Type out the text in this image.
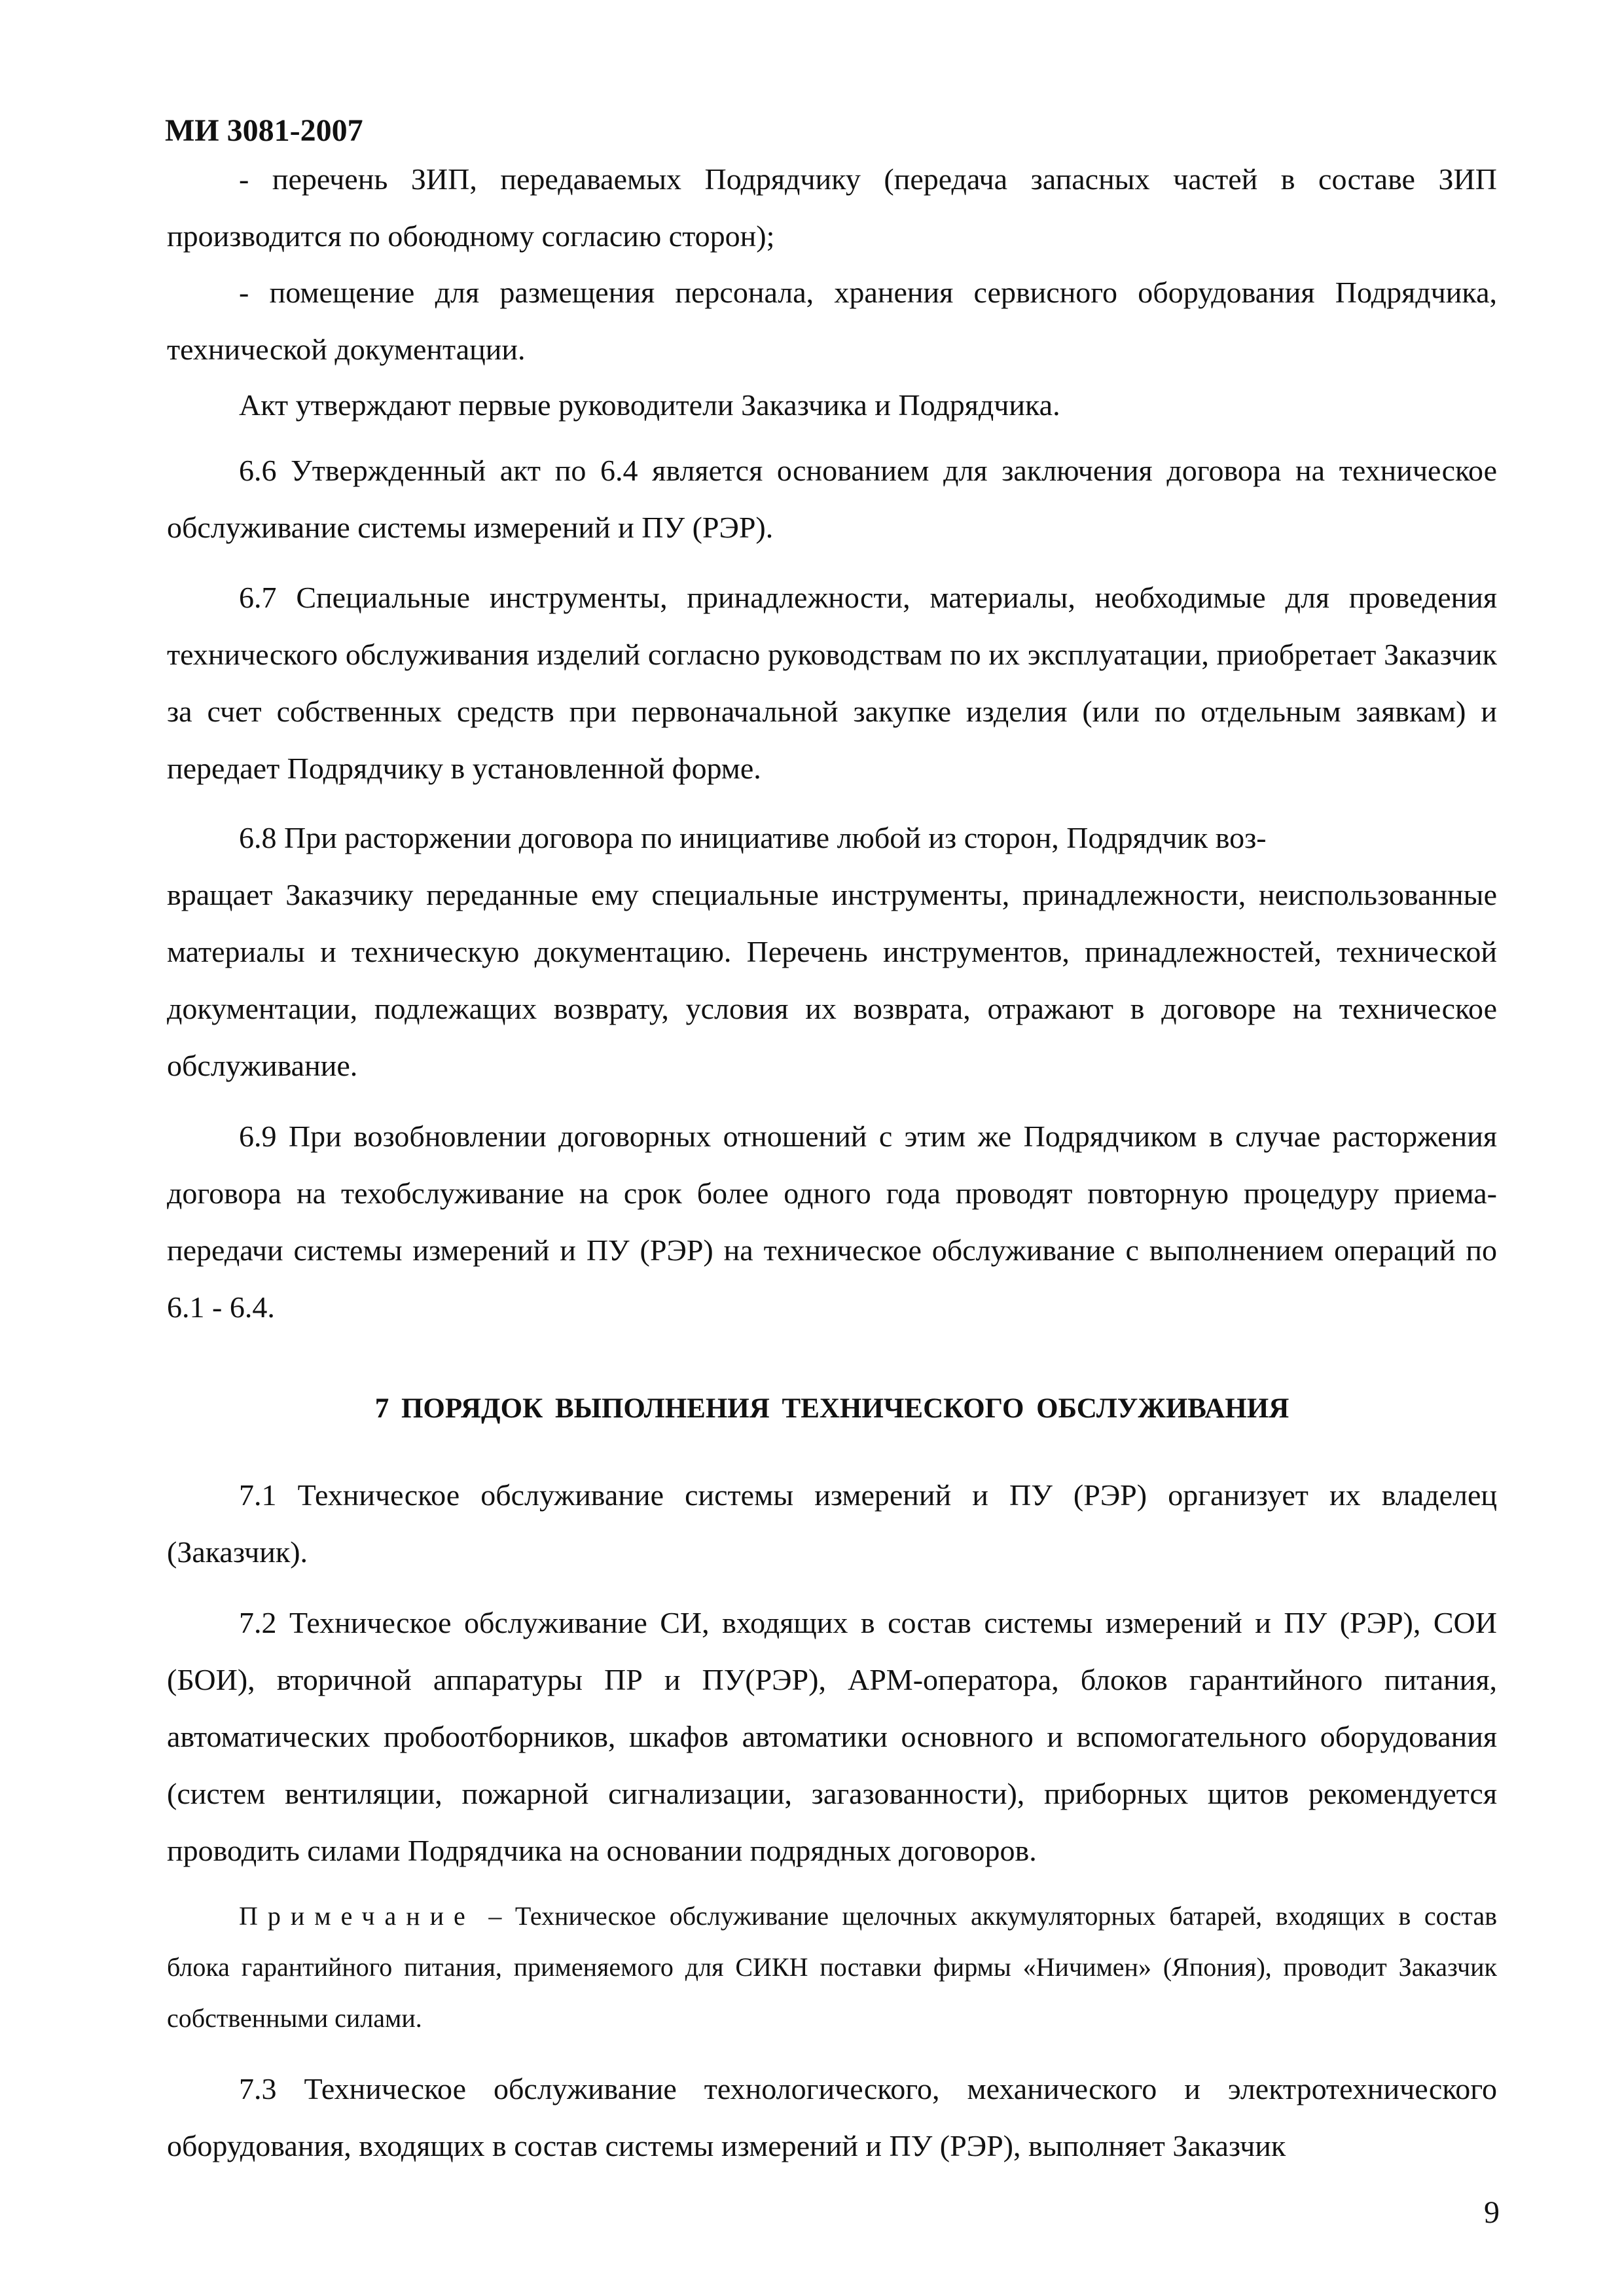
МИ 3081-2007
- перечень ЗИП, передаваемых Подрядчику (передача запасных частей в составе ЗИП производится по обоюдному согласию сторон);
- помещение для размещения персонала, хранения сервисного оборудования Подрядчика, технической документации.
Акт утверждают первые руководители Заказчика и Подрядчика.
6.6 Утвержденный акт по 6.4 является основанием для заключения договора на техническое обслуживание системы измерений и ПУ (РЭР).
6.7 Специальные инструменты, принадлежности, материалы, необходимые для проведения технического обслуживания изделий согласно руководствам по их эксплуатации, приобретает Заказчик за счет собственных средств при первоначальной закупке изделия (или по отдельным заявкам) и передает Подрядчику в установленной форме.
6.8 При расторжении договора по инициативе любой из сторон, Подрядчик воз-
вращает Заказчику переданные ему специальные инструменты, принадлежности, неиспользованные материалы и техническую документацию. Перечень инструментов, принадлежностей, технической документации, подлежащих возврату, условия их возврата, отражают в договоре на техническое обслуживание.
6.9 При возобновлении договорных отношений с этим же Подрядчиком в случае расторжения договора на техобслуживание на срок более одного года проводят повторную процедуру приема-передачи системы измерений и ПУ (РЭР) на техническое обслуживание с выполнением операций по 6.1 - 6.4.
7 ПОРЯДОК ВЫПОЛНЕНИЯ ТЕХНИЧЕСКОГО ОБСЛУЖИВАНИЯ
7.1 Техническое обслуживание системы измерений и ПУ (РЭР) организует их владелец (Заказчик).
7.2 Техническое обслуживание СИ, входящих в состав системы измерений и ПУ (РЭР), СОИ (БОИ), вторичной аппаратуры ПР и ПУ(РЭР), АРМ-оператора, блоков гарантийного питания, автоматических пробоотборников, шкафов автоматики основного и вспомогательного оборудования (систем вентиляции, пожарной сигнализации, загазованности), приборных щитов рекомендуется проводить силами Подрядчика на основании подрядных договоров.
Примечание – Техническое обслуживание щелочных аккумуляторных батарей, входящих в состав блока гарантийного питания, применяемого для СИКН поставки фирмы «Ничимен» (Япония), проводит Заказчик собственными силами.
7.3 Техническое обслуживание технологического, механического и электротехнического оборудования, входящих в состав системы измерений и ПУ (РЭР), выполняет Заказчик
9
